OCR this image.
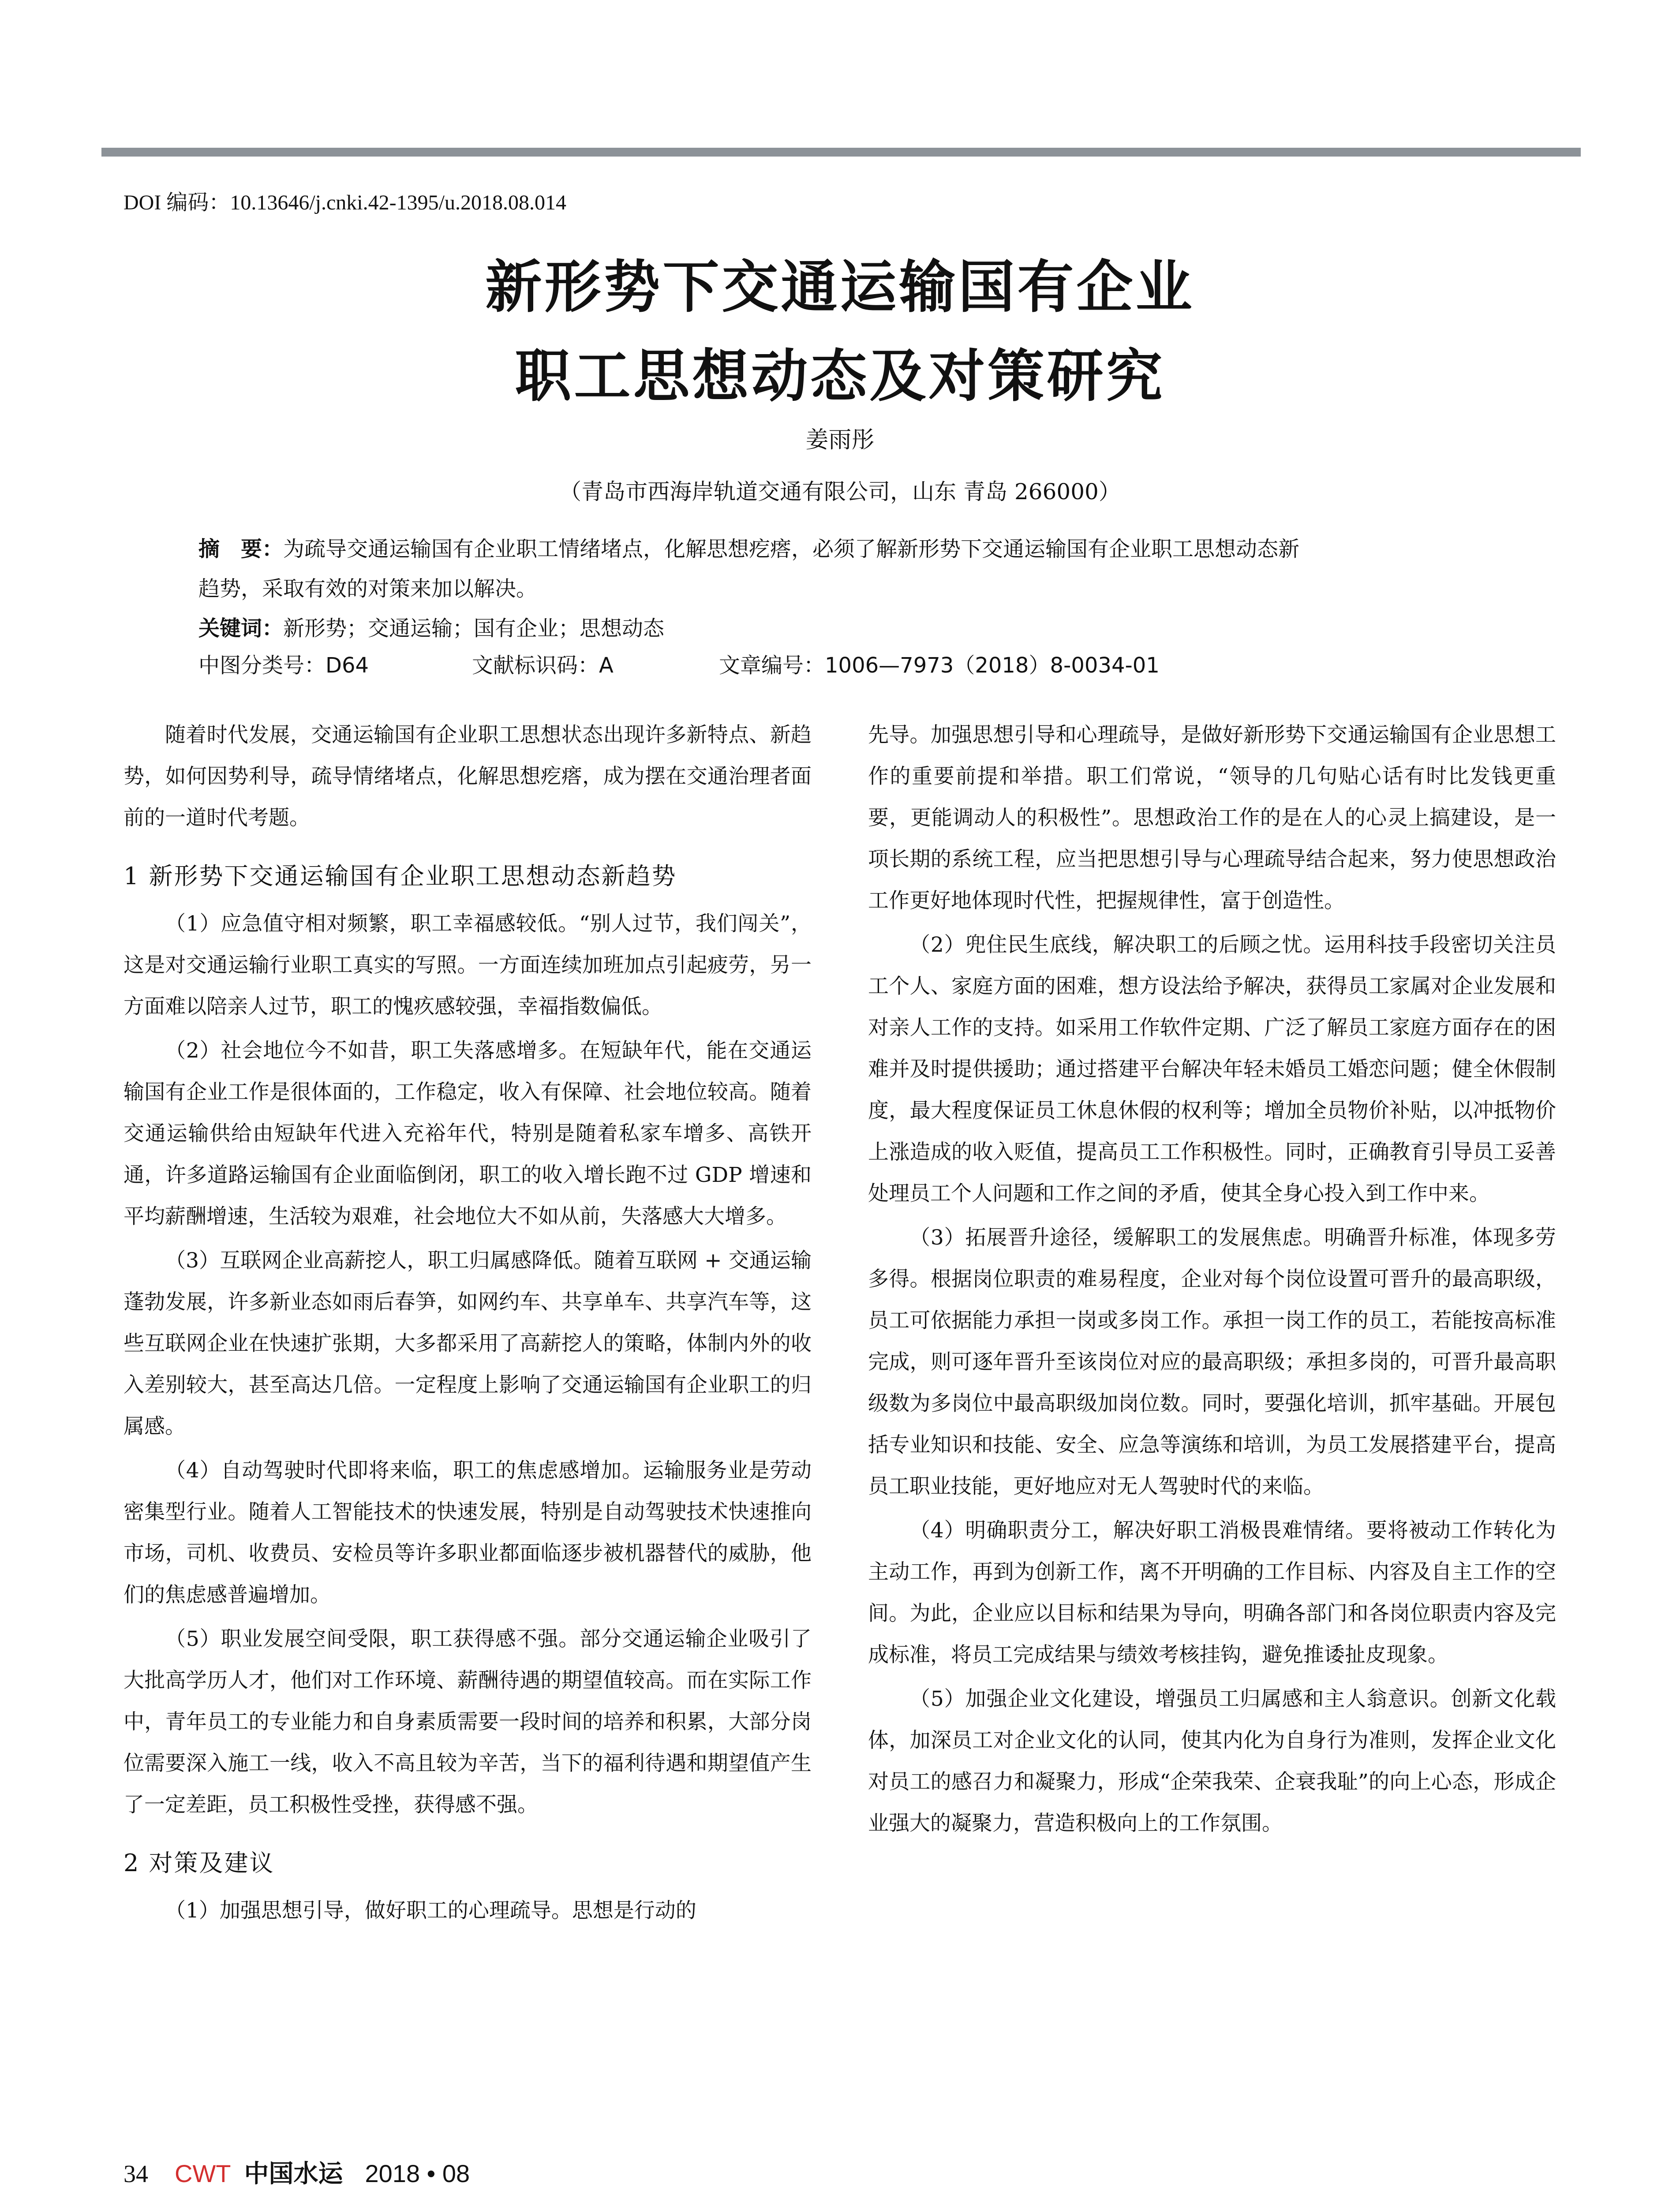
DOI 编码：10.13646/j.cnki.42-1395/u.2018.08.014
新形势下交通运输国有企业
职工思想动态及对策研究
姜雨彤
（青岛市西海岸轨道交通有限公司，山东 青岛 266000）
摘　要：为疏导交通运输国有企业职工情绪堵点，化解思想疙瘩，必须了解新形势下交通运输国有企业职工思想动态新
趋势，采取有效的对策来加以解决。
关键词：新形势；交通运输；国有企业；思想动态
中图分类号：D64	文献标识码：A	文章编号：1006—7973（2018）8-0034-01

随着时代发展，交通运输国有企业职工思想状态出现许多新特点、新趋势，如何因势利导，疏导情绪堵点，化解思想疙瘩，成为摆在交通治理者面前的一道时代考题。

1 新形势下交通运输国有企业职工思想动态新趋势

（1）应急值守相对频繁，职工幸福感较低。“别人过节，我们闯关”，这是对交通运输行业职工真实的写照。一方面连续加班加点引起疲劳，另一方面难以陪亲人过节，职工的愧疚感较强，幸福指数偏低。

（2）社会地位今不如昔，职工失落感增多。在短缺年代，能在交通运输国有企业工作是很体面的，工作稳定，收入有保障、社会地位较高。随着交通运输供给由短缺年代进入充裕年代，特别是随着私家车增多、高铁开通，许多道路运输国有企业面临倒闭，职工的收入增长跑不过 GDP 增速和平均薪酬增速，生活较为艰难，社会地位大不如从前，失落感大大增多。

（3）互联网企业高薪挖人，职工归属感降低。随着互联网 + 交通运输蓬勃发展，许多新业态如雨后春笋，如网约车、共享单车、共享汽车等，这些互联网企业在快速扩张期，大多都采用了高薪挖人的策略，体制内外的收入差别较大，甚至高达几倍。一定程度上影响了交通运输国有企业职工的归属感。

（4）自动驾驶时代即将来临，职工的焦虑感增加。运输服务业是劳动密集型行业。随着人工智能技术的快速发展，特别是自动驾驶技术快速推向市场，司机、收费员、安检员等许多职业都面临逐步被机器替代的威胁，他们的焦虑感普遍增加。

（5）职业发展空间受限，职工获得感不强。部分交通运输企业吸引了大批高学历人才，他们对工作环境、薪酬待遇的期望值较高。而在实际工作中，青年员工的专业能力和自身素质需要一段时间的培养和积累，大部分岗位需要深入施工一线，收入不高且较为辛苦，当下的福利待遇和期望值产生了一定差距，员工积极性受挫，获得感不强。

2 对策及建议

（1）加强思想引导，做好职工的心理疏导。思想是行动的

先导。加强思想引导和心理疏导，是做好新形势下交通运输国有企业思想工作的重要前提和举措。职工们常说，“领导的几句贴心话有时比发钱更重要，更能调动人的积极性”。思想政治工作的是在人的心灵上搞建设，是一项长期的系统工程，应当把思想引导与心理疏导结合起来，努力使思想政治工作更好地体现时代性，把握规律性，富于创造性。

（2）兜住民生底线，解决职工的后顾之忧。运用科技手段密切关注员工个人、家庭方面的困难，想方设法给予解决，获得员工家属对企业发展和对亲人工作的支持。如采用工作软件定期、广泛了解员工家庭方面存在的困难并及时提供援助；通过搭建平台解决年轻未婚员工婚恋问题；健全休假制度，最大程度保证员工休息休假的权利等；增加全员物价补贴，以冲抵物价上涨造成的收入贬值，提高员工工作积极性。同时，正确教育引导员工妥善处理员工个人问题和工作之间的矛盾，使其全身心投入到工作中来。

（3）拓展晋升途径，缓解职工的发展焦虑。明确晋升标准，体现多劳多得。根据岗位职责的难易程度，企业对每个岗位设置可晋升的最高职级，员工可依据能力承担一岗或多岗工作。承担一岗工作的员工，若能按高标准完成，则可逐年晋升至该岗位对应的最高职级；承担多岗的，可晋升最高职级数为多岗位中最高职级加岗位数。同时，要强化培训，抓牢基础。开展包括专业知识和技能、安全、应急等演练和培训，为员工发展搭建平台，提高员工职业技能，更好地应对无人驾驶时代的来临。

（4）明确职责分工，解决好职工消极畏难情绪。要将被动工作转化为主动工作，再到为创新工作，离不开明确的工作目标、内容及自主工作的空间。为此，企业应以目标和结果为导向，明确各部门和各岗位职责内容及完成标准，将员工完成结果与绩效考核挂钩，避免推诿扯皮现象。

（5）加强企业文化建设，增强员工归属感和主人翁意识。创新文化载体，加深员工对企业文化的认同，使其内化为自身行为准则，发挥企业文化对员工的感召力和凝聚力，形成“企荣我荣、企衰我耻”的向上心态，形成企业强大的凝聚力，营造积极向上的工作氛围。

34 CWT 中国水运 2018 • 08
